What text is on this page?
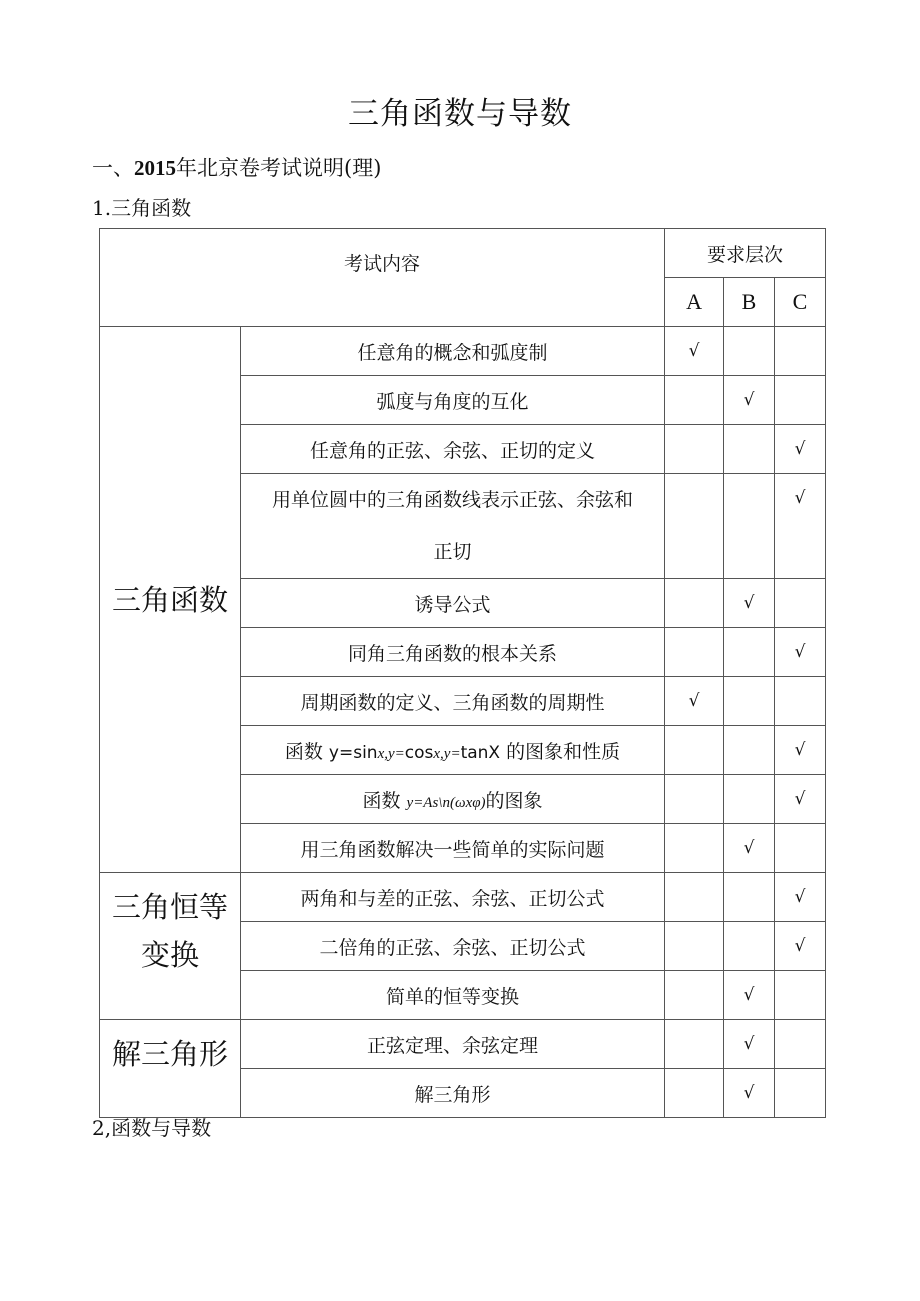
三角函数与导数
一、2015年北京卷考试说明(理)
1.三角函数
考试内容		要求层次		
		A	B	C
三角函数	任意角的概念和弧度制	√		
	弧度与角度的互化		√	
	任意角的正弦、余弦、正切的定义			√

	用单位圆中的三角函数线表示正弦、余弦和
正切			√
	诱导公式		√	
	同角三角函数的根本关系			√
	周期函数的定义、三角函数的周期性	√		
	函数 y=sinx,y=cosx,y=tanX 的图象和性质			√
	函数 y=As\n(ωxφ)的图象			√
	用三角函数解决一些简单的实际问题		√	
三角恒等变换	两角和与差的正弦、余弦、正切公式			√
	二倍角的正弦、余弦、正切公式			√
	简单的恒等变换		√	
解三角形	正弦定理、余弦定理		√	
	解三角形		√	
2,函数与导数
